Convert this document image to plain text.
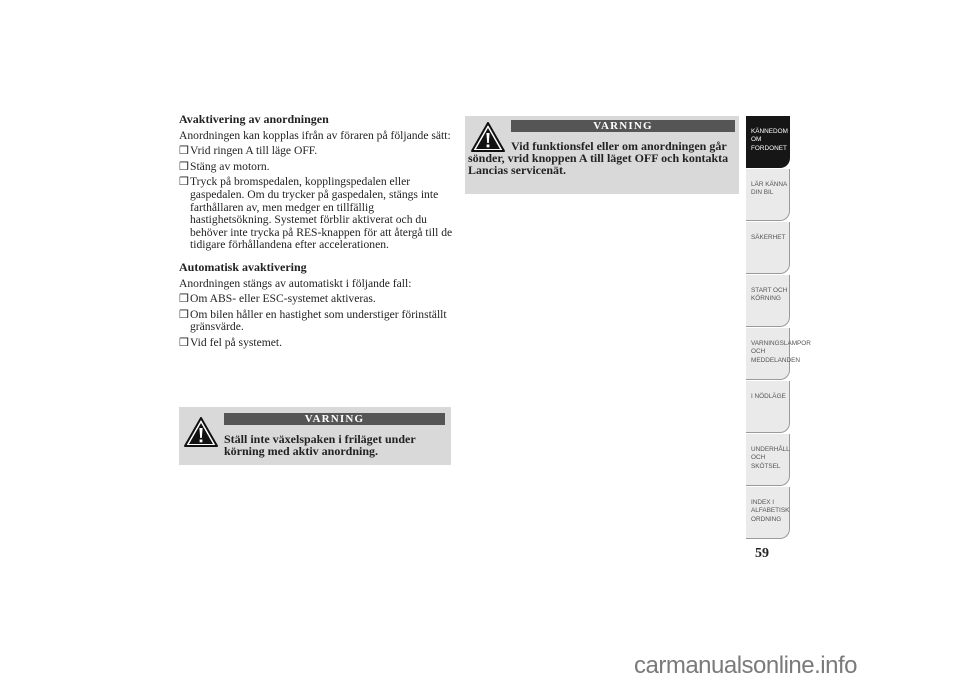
Avaktivering av anordningen
Anordningen kan kopplas ifrån av föraren på följande sätt:
❒ Vrid ringen A till läge OFF.
❒ Stäng av motorn.
❒ Tryck på bromspedalen, kopplingspedalen eller gaspedalen. Om du trycker på gaspedalen, stängs inte farthållaren av, men medger en tillfällig hastighetsökning. Systemet förblir aktiverat och du behöver inte trycka på RES-knappen för att återgå till de tidigare förhållandena efter accelerationen.
Automatisk avaktivering
Anordningen stängs av automatiskt i följande fall:
❒ Om ABS- eller ESC-systemet aktiveras.
❒ Om bilen håller en hastighet som understiger förinställt gränsvärde.
❒ Vid fel på systemet.
VARNING
Ställ inte växelspaken i friläget under körning med aktiv anordning.
VARNING
Vid funktionsfel eller om anordningen går sönder, vrid knoppen A till läget OFF och kontakta Lancias servicenät.
KÄNNEDOM OM FORDONET
LÄR KÄNNA DIN BIL
SÄKERHET
START OCH KÖRNING
VARNINGSLAMPOR OCH MEDDELANDEN
I NÖDLÄGE
UNDERHÅLL OCH SKÖTSEL
INDEX I ALFABETISK ORDNING
59
carmanualsonline.info
